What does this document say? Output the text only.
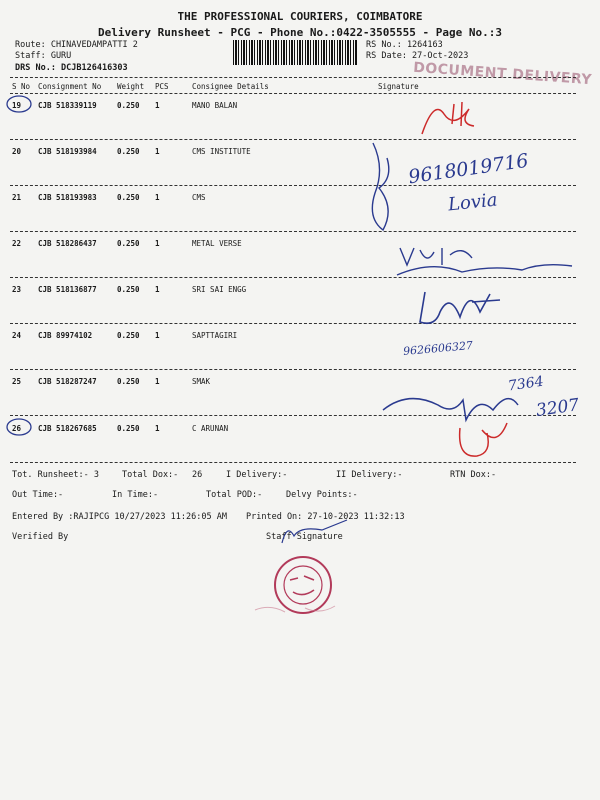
THE PROFESSIONAL COURIERS, COIMBATORE
Delivery Runsheet - PCG - Phone No.:0422-3505555 - Page No.:3
Route: CHINAVEDAMPATTI 2
Staff: GURU
DRS No.: DCJB126416303
RS No.: 1264163
RS Date: 27-Oct-2023
DOCUMENT DELIVERY
S No Consignment No Weight PCS	Consignee Details	Signature
19 CJB 518339119	0.250 1	MANO BALAN
20 CJB 518193984	0.250 1	CMS INSTITUTE
21 CJB 518193983	0.250 1	CMS
22 CJB 518286437	0.250 1	METAL VERSE
23 CJB 518136877	0.250 1	SRI SAI ENGG
24 CJB 89974102	0.250 1	SAPTTAGIRI
25 CJB 518287247	0.250 1	SMAK
26 CJB 518267685	0.250 1	C ARUNAN
9618019716
Lovia
9626606327
7364
3207
Tot. Runsheet:- 3	Total Dox:- 26	I Delivery:-	II Delivery:-	RTN Dox:-
Out Time:-	In Time:-	Total POD:-	Delvy Points:-
Entered By :RAJIPCG 10/27/2023 11:26:05 AM Printed On: 27-10-2023 11:32:13
Verified By	Staff Signature
